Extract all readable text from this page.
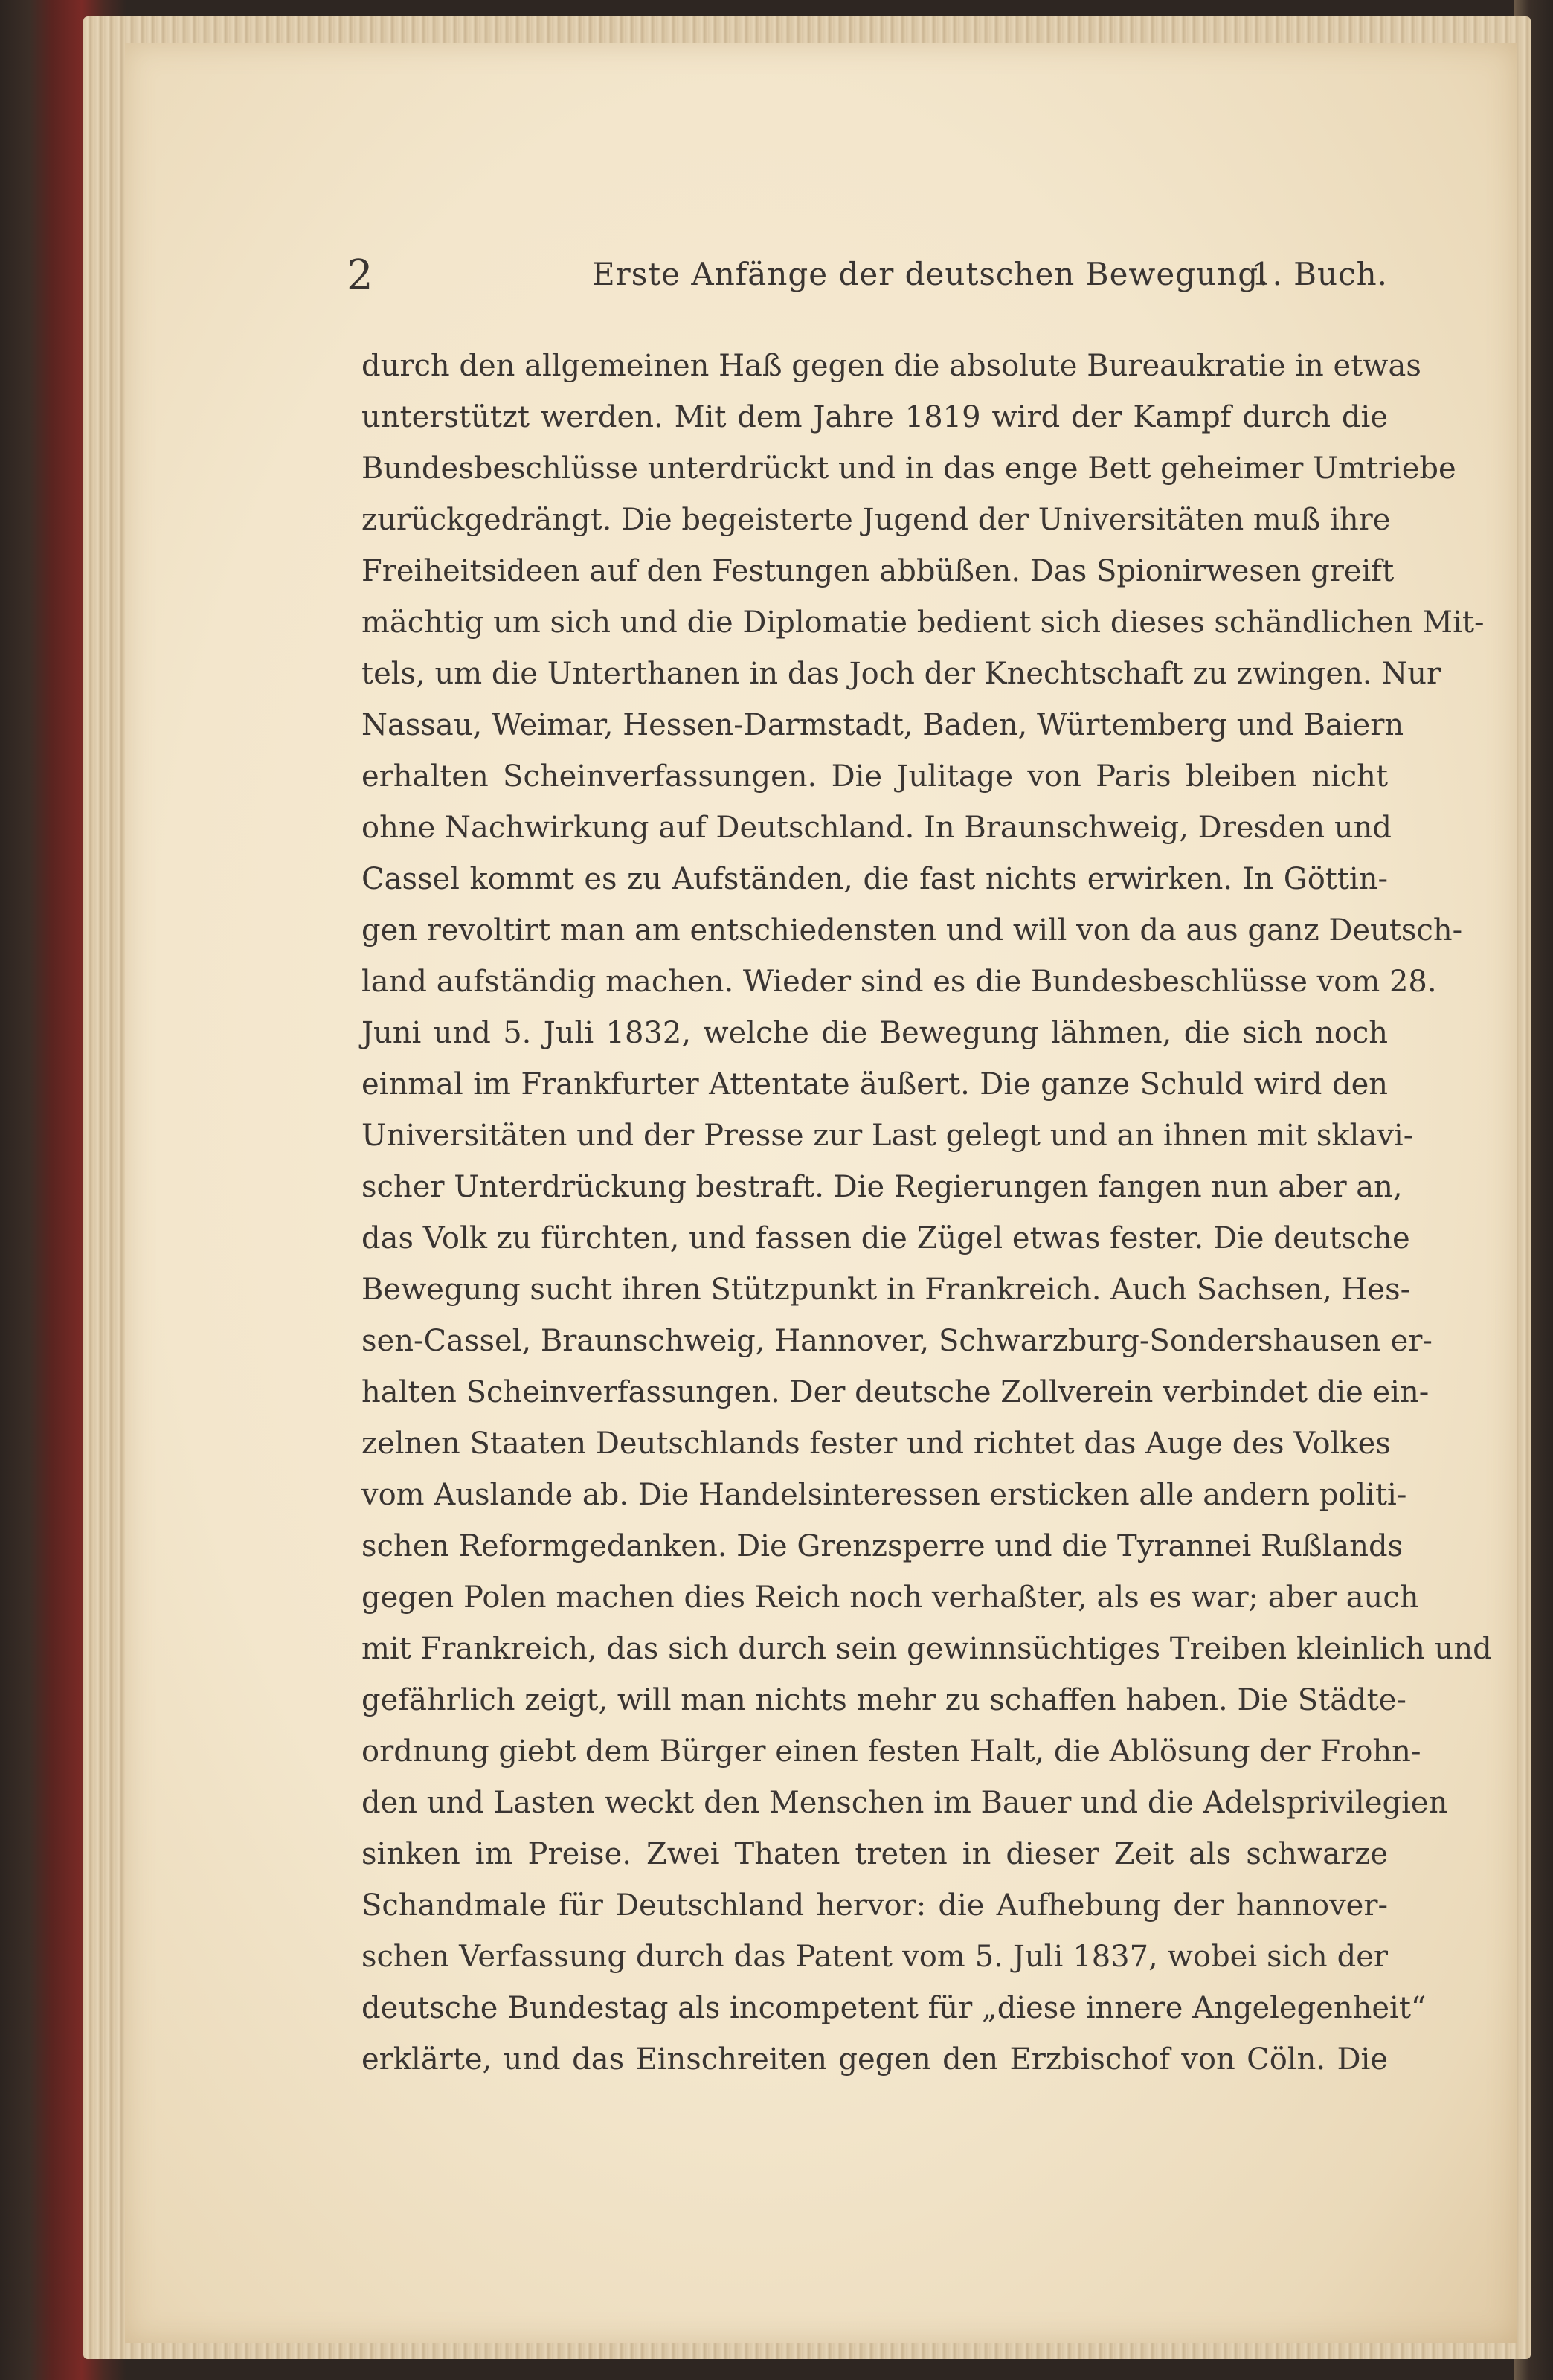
2	Erste Anfänge der deutschen Bewegung.
1. Buch.
durch den allgemeinen Haß gegen die absolute Bureaukratie in etwas
unterstützt werden. Mit dem Jahre 1819 wird der Kampf durch die
Bundesbeschlüsse unterdrückt und in das enge Bett geheimer Umtriebe
zurückgedrängt. Die begeisterte Jugend der Universitäten muß ihre
Freiheitsideen auf den Festungen abbüßen. Das Spionirwesen greift
mächtig um sich und die Diplomatie bedient sich dieses schändlichen Mit-
tels, um die Unterthanen in das Joch der Knechtschaft zu zwingen. Nur
Nassau, Weimar, Hessen-Darmstadt, Baden, Würtemberg und Baiern
erhalten Scheinverfassungen. Die Julitage von Paris bleiben nicht
ohne Nachwirkung auf Deutschland. In Braunschweig, Dresden und
Cassel kommt es zu Aufständen, die fast nichts erwirken. In Göttin-
gen revoltirt man am entschiedensten und will von da aus ganz Deutsch-
land aufständig machen. Wieder sind es die Bundesbeschlüsse vom 28.
Juni und 5. Juli 1832, welche die Bewegung lähmen, die sich noch
einmal im Frankfurter Attentate äußert. Die ganze Schuld wird den
Universitäten und der Presse zur Last gelegt und an ihnen mit sklavi-
scher Unterdrückung bestraft. Die Regierungen fangen nun aber an,
das Volk zu fürchten, und fassen die Zügel etwas fester. Die deutsche
Bewegung sucht ihren Stützpunkt in Frankreich. Auch Sachsen, Hes-
sen-Cassel, Braunschweig, Hannover, Schwarzburg-Sondershausen er-
halten Scheinverfassungen. Der deutsche Zollverein verbindet die ein-
zelnen Staaten Deutschlands fester und richtet das Auge des Volkes
vom Auslande ab. Die Handelsinteressen ersticken alle andern politi-
schen Reformgedanken. Die Grenzsperre und die Tyrannei Rußlands
gegen Polen machen dies Reich noch verhaßter, als es war; aber auch
mit Frankreich, das sich durch sein gewinnsüchtiges Treiben kleinlich und
gefährlich zeigt, will man nichts mehr zu schaffen haben. Die Städte-
ordnung giebt dem Bürger einen festen Halt, die Ablösung der Frohn-
den und Lasten weckt den Menschen im Bauer und die Adelsprivilegien
sinken im Preise. Zwei Thaten treten in dieser Zeit als schwarze
Schandmale für Deutschland hervor: die Aufhebung der hannover-
schen Verfassung durch das Patent vom 5. Juli 1837, wobei sich der
deutsche Bundestag als incompetent für „diese innere Angelegenheit“
erklärte, und das Einschreiten gegen den Erzbischof von Cöln. Die
